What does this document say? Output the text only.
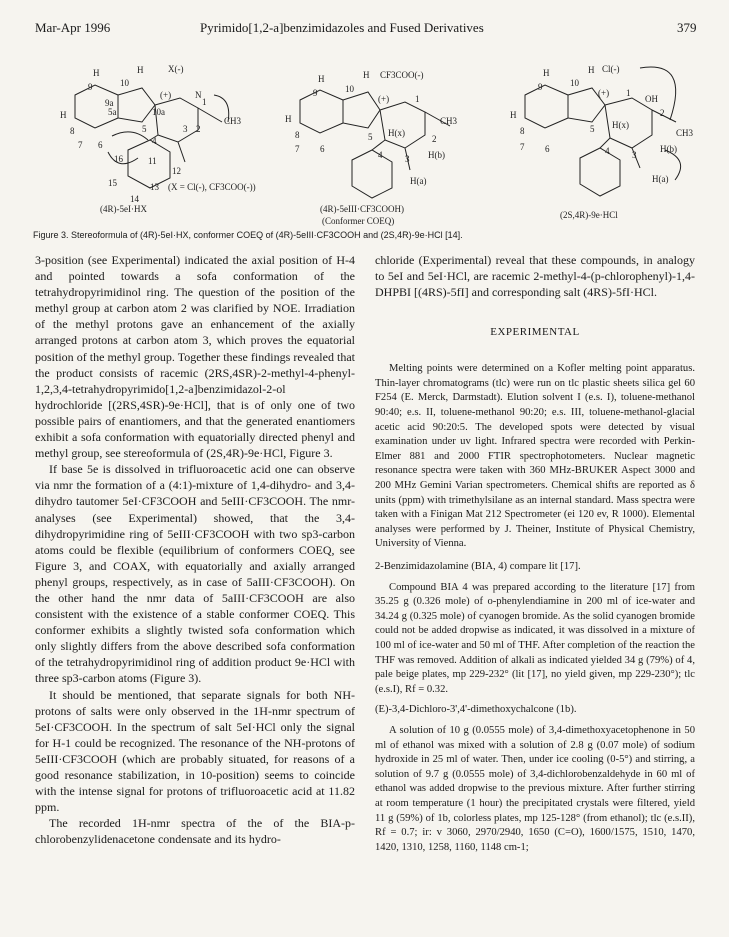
Mar-Apr 1996	Pyrimido[1,2-a]benzimidazoles and Fused Derivatives	379
H	H	X(-)
10
9
9a
5a
(+)
10a
N
1
H
8
7 6
5	3 2
CH3
4
11
12
16
15	13
14
(X = Cl(-), CF3COO(-))
(4R)-5eI·HX
H	H CF3COO(-)
10
9
(+)	1
H
8
7 6
5 H(x)
CH3
2
4	3 H(b)
H(a)
(4R)-5eIII·CF3COOH)
(Conformer COEQ)
H	H Cl(-)
10
9
(+) 1
OH
H
8
7 6
5 H(x)
2
CH3
4	3
H(b)
H(a)
(2S,4R)-9e·HCl
Figure 3. Stereoformula of (4R)-5eI·HX, conformer COEQ of (4R)-5eIII·CF3COOH and (2S,4R)-9e·HCl [14].

3-position (see Experimental) indicated the axial position of H-4 and pointed towards a sofa conformation of the tetrahydropyrimidinol ring. The question of the position of the methyl group at carbon atom 2 was clarified by NOE. Irradiation of the methyl protons gave an enhancement of the axially arranged protons at carbon atom 3, which proves the equatorial position of the methyl group. Together these findings revealed that the product consists of racemic (2RS,4SR)-2-methyl-4-phenyl-1,2,3,4-tetrahydropyrimido[1,2-a]benzimidazol-2-ol hydrochloride [(2RS,4SR)-9e·HCl], that is of only one of two possible pairs of enantiomers, and that the generated enantiomers exhibit a sofa conformation with equatorially directed phenyl and methyl group, see stereoformula of (2S,4R)-9e·HCl, Figure 3.

If base 5e is dissolved in trifluoroacetic acid one can observe via nmr the formation of a (4:1)-mixture of 1,4-dihydro- and 3,4-dihydro tautomer 5eI·CF3COOH and 5eIII·CF3COOH. The nmr-analyses (see Experimental) showed, that the 3,4-dihydropyrimidine ring of 5eIII·CF3COOH with two sp3-carbon atoms could be flexible (equilibrium of conformers COEQ, see Figure 3, and COAX, with equatorially and axially arranged phenyl groups, respectively, as in case of 5aIII·CF3COOH). On the other hand the nmr data of 5aIII·CF3COOH are also consistent with the existence of a stable conformer COEQ. This conformer exhibits a slightly twisted sofa conformation which only slightly differs from the above described sofa conformation of the tetrahydropyrimidinol ring of addition product 9e·HCl with three sp3-carbon atoms (Figure 3).

It should be mentioned, that separate signals for both NH-protons of salts were only observed in the 1H-nmr spectrum of 5eI·CF3COOH. In the spectrum of salt 5eI·HCl only the signal for H-1 could be recognized. The resonance of the NH-protons of 5eIII·CF3COOH (which are probably situated, for reasons of a good resonance stabilization, in 10-position) seems to coincide with the intense signal for protons of trifluoroacetic acid at 11.82 ppm.

The recorded 1H-nmr spectra of the of the BIA-p-chlorobenzylidenacetone condensate and its hydro-

chloride (Experimental) reveal that these compounds, in analogy to 5eI and 5eI·HCl, are racemic 2-methyl-4-(p-chlorophenyl)-1,4-DHPBI [(4RS)-5fI] and corresponding salt (4RS)-5fI·HCl.

EXPERIMENTAL

Melting points were determined on a Kofler melting point apparatus. Thin-layer chromatograms (tlc) were run on tlc plastic sheets silica gel 60 F254 (E. Merck, Darmstadt). Elution solvent I (e.s. I), toluene-methanol 90:40; e.s. II, toluene-methanol 90:20; e.s. III, toluene-methanol-glacial acetic acid 90:20:5. The developed spots were detected by visual examination under uv light. Infrared spectra were recorded with Perkin-Elmer 881 and 2000 FTIR spectrophotometers. Nuclear magnetic resonance spectra were taken with 360 MHz-BRUKER Aspect 3000 and 200 MHz Gemini Varian spectrometers. Chemical shifts are reported as δ units (ppm) with trimethylsilane as an internal standard. Mass spectra were taken with a Finigan Mat 212 Spectrometer (ei 120 ev, R 1000). Elemental analyses were performed by J. Theiner, Institute of Physical Chemistry, University of Vienna.

2-Benzimidazolamine (BIA, 4) compare lit [17].

Compound BIA 4 was prepared according to the literature [17] from 35.25 g (0.326 mole) of o-phenylendiamine in 200 ml of ice-water and 34.24 g (0.325 mole) of cyanogen bromide. As the solid cyanogen bromide could not be added dropwise as indicated, it was dissolved in a mixture of 100 ml of ice-water and 50 ml of THF. After completion of the reaction the THF was removed. Addition of alkali as indicated yielded 34 g (79%) of 4, pale beige plates, mp 229-232° (lit [17], no yield given, mp 229-230°); tlc (e.s.I), Rf = 0.32.

(E)-3,4-Dichloro-3',4'-dimethoxychalcone (1b).

A solution of 10 g (0.0555 mole) of 3,4-dimethoxyacetophenone in 50 ml of ethanol was mixed with a solution of 2.8 g (0.07 mole) of sodium hydroxide in 25 ml of water. Then, under ice cooling (0-5°) and stirring, a solution of 9.7 g (0.0555 mole) of 3,4-dichlorobenzaldehyde in 60 ml of ethanol was added dropwise to the previous mixture. After further stirring at room temperature (1 hour) the precipitated crystals were filtered, yield 11 g (59%) of 1b, colorless plates, mp 125-128° (from ethanol); tlc (e.s.II), Rf = 0.7; ir: v 3060, 2970/2940, 1650 (C=O), 1600/1575, 1510, 1470, 1420, 1310, 1258, 1160, 1148 cm-1;
